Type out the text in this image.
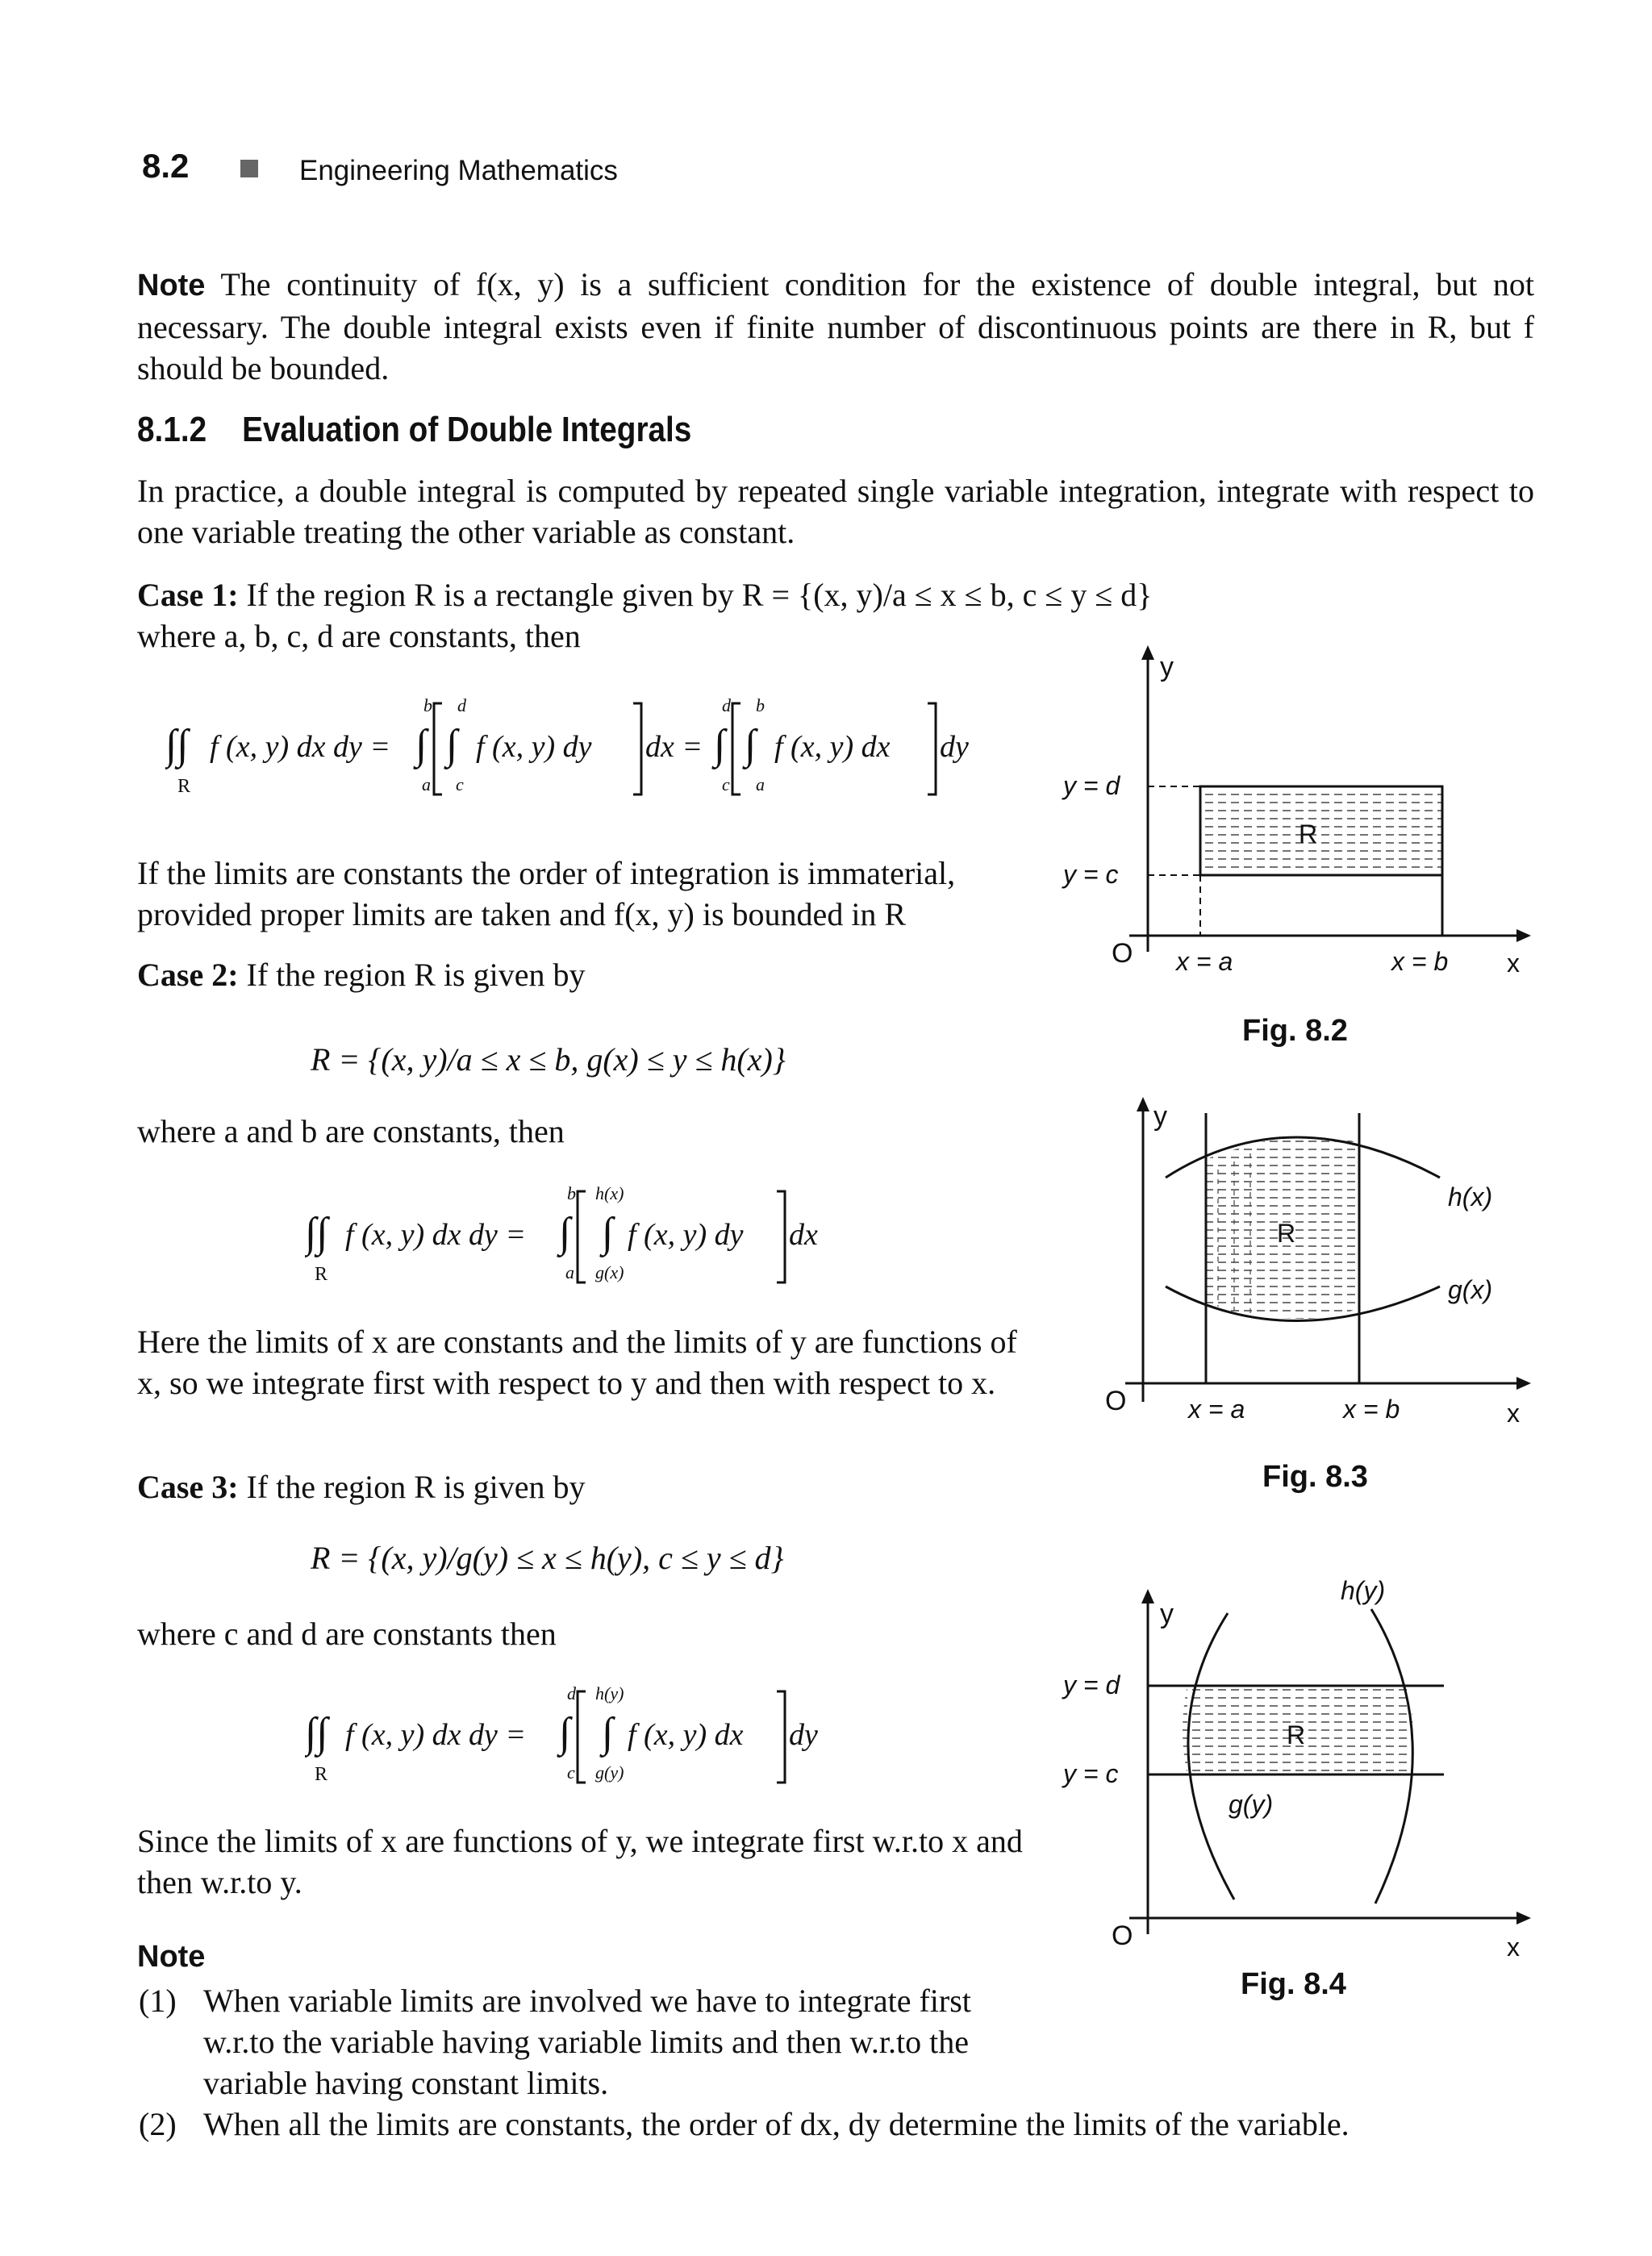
8.2	Engineering Mathematics
Note The continuity of f(x, y) is a sufficient condition for the existence of double integral, but not necessary. The double integral exists even if finite number of discontinuous points are there in R, but f should be bounded.
8.1.2 Evaluation of Double Integrals
In practice, a double integral is computed by repeated single variable integration, integrate with respect to one variable treating the other variable as constant.
Case 1: If the region R is a rectangle given by R = {(x, y)/a ≤ x ≤ b, c ≤ y ≤ d}
where a, b, c, d are constants, then
∫∫
R
f (x, y) dx dy = ∫
b
a
∫
d
c
f (x, y) dy dx = ∫
d
c
∫
b
a
f (x, y) dx dy
If the limits are constants the order of integration is immaterial, provided proper limits are taken and f(x, y) is bounded in R
Case 2: If the region R is given by
R = {(x, y)/a ≤ x ≤ b, g(x) ≤ y ≤ h(x)}
where a and b are constants, then
∫∫
R
f (x, y) dx dy = ∫
b
a
∫
h(x)
g(x)
f (x, y) dy dx
Here the limits of x are constants and the limits of y are functions of x, so we integrate first with respect to y and then with respect to x.
Case 3: If the region R is given by
R = {(x, y)/g(y) ≤ x ≤ h(y), c ≤ y ≤ d}
where c and d are constants then
∫∫
R
f (x, y) dx dy = ∫
d
c
∫
h(y)
g(y)
f (x, y) dx dy
Since the limits of x are functions of y, we integrate first w.r.to x and then w.r.to y.
Note
(1) When variable limits are involved we have to integrate first w.r.to the variable having variable limits and then w.r.to the variable having constant limits.
(2) When all the limits are constants, the order of dx, dy determine the limits of the variable.
y
x
O
y = d
y = c
x = a	x = b
R
Fig. 8.2
y
x
O x = a	x = b
R
h(x)
g(x)
Fig. 8.3
y
x
O
y = d
y = c
R
h(y)
g(y)
Fig. 8.4
